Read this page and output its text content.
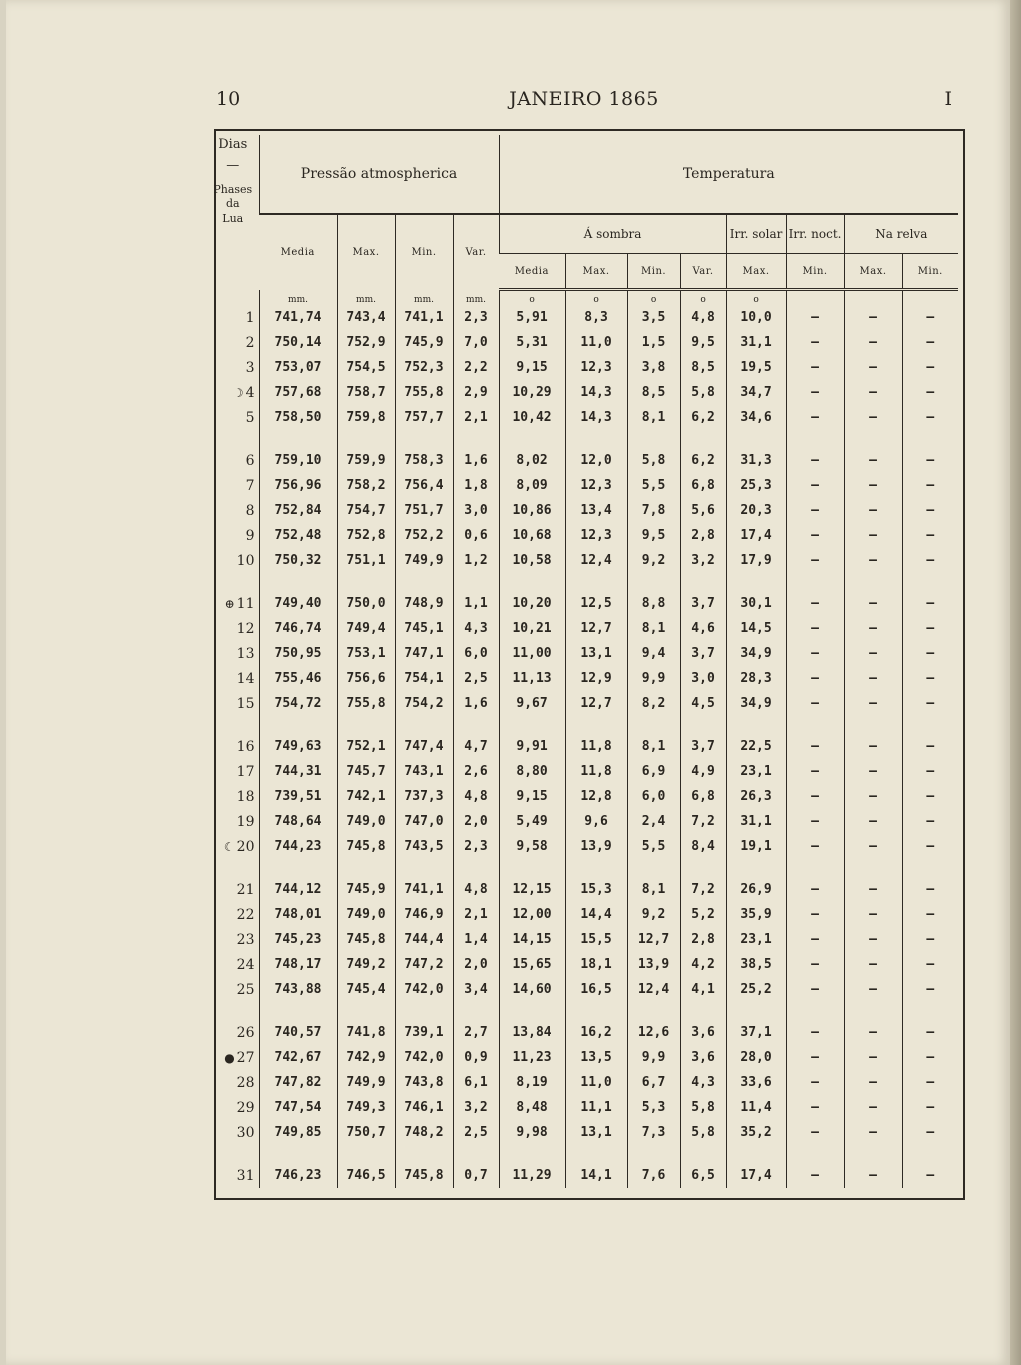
10	JANEIRO 1865	I
Dias
—
Phases
da
Lua	Pressão atmospherica				Temperatura							
	Media	Max.	Min.	Var.	Á sombra				Irr. solar	Irr. noct.	Na relva	
					Media	Max.	Min.	Var.	Max.	Min.	Max.	Min.
	mm.	mm.	mm.	mm.	o	o	o	o	o			
1	741,74	743,4	741,1	2,3	5,91	8,3	3,5	4,8	10,0	—	—	—
2	750,14	752,9	745,9	7,0	5,31	11,0	1,5	9,5	31,1	—	—	—
3	753,07	754,5	752,3	2,2	9,15	12,3	3,8	8,5	19,5	—	—	—
☽ 4	757,68	758,7	755,8	2,9	10,29	14,3	8,5	5,8	34,7	—	—	—
5	758,50	759,8	757,7	2,1	10,42	14,3	8,1	6,2	34,6	—	—	—

6	759,10	759,9	758,3	1,6	8,02	12,0	5,8	6,2	31,3	—	—	—
7	756,96	758,2	756,4	1,8	8,09	12,3	5,5	6,8	25,3	—	—	—
8	752,84	754,7	751,7	3,0	10,86	13,4	7,8	5,6	20,3	—	—	—
9	752,48	752,8	752,2	0,6	10,68	12,3	9,5	2,8	17,4	—	—	—
10	750,32	751,1	749,9	1,2	10,58	12,4	9,2	3,2	17,9	—	—	—

⊕ 11	749,40	750,0	748,9	1,1	10,20	12,5	8,8	3,7	30,1	—	—	—
12	746,74	749,4	745,1	4,3	10,21	12,7	8,1	4,6	14,5	—	—	—
13	750,95	753,1	747,1	6,0	11,00	13,1	9,4	3,7	34,9	—	—	—
14	755,46	756,6	754,1	2,5	11,13	12,9	9,9	3,0	28,3	—	—	—
15	754,72	755,8	754,2	1,6	9,67	12,7	8,2	4,5	34,9	—	—	—

16	749,63	752,1	747,4	4,7	9,91	11,8	8,1	3,7	22,5	—	—	—
17	744,31	745,7	743,1	2,6	8,80	11,8	6,9	4,9	23,1	—	—	—
18	739,51	742,1	737,3	4,8	9,15	12,8	6,0	6,8	26,3	—	—	—
19	748,64	749,0	747,0	2,0	5,49	9,6	2,4	7,2	31,1	—	—	—
☾ 20	744,23	745,8	743,5	2,3	9,58	13,9	5,5	8,4	19,1	—	—	—

21	744,12	745,9	741,1	4,8	12,15	15,3	8,1	7,2	26,9	—	—	—
22	748,01	749,0	746,9	2,1	12,00	14,4	9,2	5,2	35,9	—	—	—
23	745,23	745,8	744,4	1,4	14,15	15,5	12,7	2,8	23,1	—	—	—
24	748,17	749,2	747,2	2,0	15,65	18,1	13,9	4,2	38,5	—	—	—
25	743,88	745,4	742,0	3,4	14,60	16,5	12,4	4,1	25,2	—	—	—

26	740,57	741,8	739,1	2,7	13,84	16,2	12,6	3,6	37,1	—	—	—
● 27	742,67	742,9	742,0	0,9	11,23	13,5	9,9	3,6	28,0	—	—	—
28	747,82	749,9	743,8	6,1	8,19	11,0	6,7	4,3	33,6	—	—	—
29	747,54	749,3	746,1	3,2	8,48	11,1	5,3	5,8	11,4	—	—	—
30	749,85	750,7	748,2	2,5	9,98	13,1	7,3	5,8	35,2	—	—	—

31	746,23	746,5	745,8	0,7	11,29	14,1	7,6	6,5	17,4	—	—	—
